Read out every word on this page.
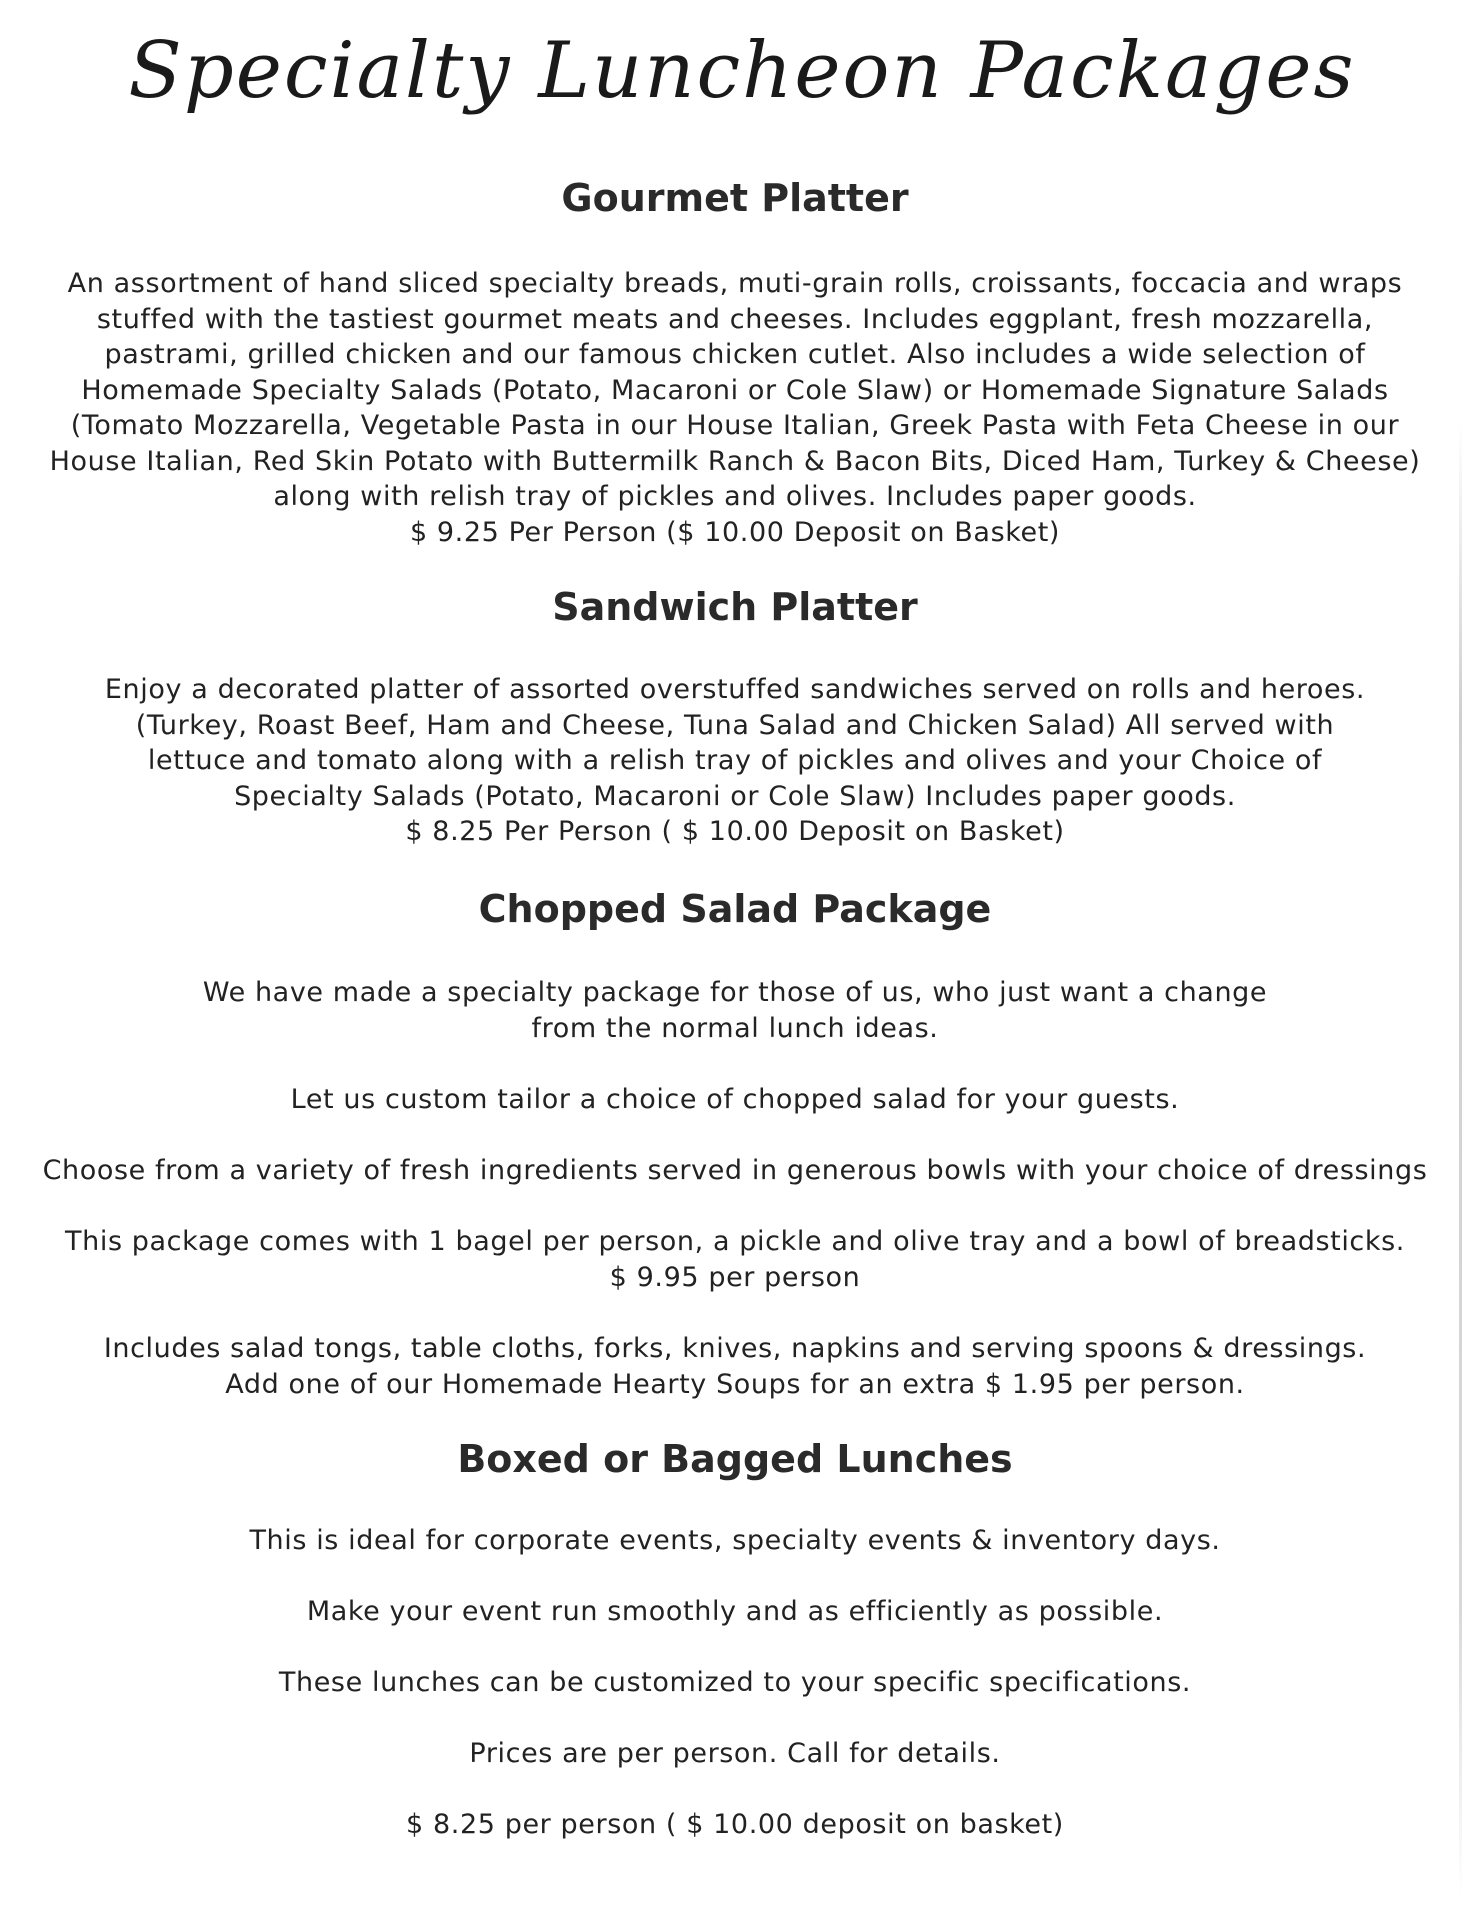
Specialty Luncheon Packages
Gourmet Platter
An assortment of hand sliced specialty breads, muti-grain rolls, croissants, foccacia and wraps
stuffed with the tastiest gourmet meats and cheeses. Includes eggplant, fresh mozzarella,
pastrami, grilled chicken and our famous chicken cutlet. Also includes a wide selection of
Homemade Specialty Salads (Potato, Macaroni or Cole Slaw) or Homemade Signature Salads
(Tomato Mozzarella, Vegetable Pasta in our House Italian, Greek Pasta with Feta Cheese in our
House Italian, Red Skin Potato with Buttermilk Ranch & Bacon Bits, Diced Ham, Turkey & Cheese)
along with relish tray of pickles and olives. Includes paper goods.
$ 9.25 Per Person ($ 10.00 Deposit on Basket)
Sandwich Platter
Enjoy a decorated platter of assorted overstuffed sandwiches served on rolls and heroes.
(Turkey, Roast Beef, Ham and Cheese, Tuna Salad and Chicken Salad) All served with
lettuce and tomato along with a relish tray of pickles and olives and your Choice of
Specialty Salads (Potato, Macaroni or Cole Slaw) Includes paper goods.
$ 8.25 Per Person ( $ 10.00 Deposit on Basket)
Chopped Salad Package
We have made a specialty package for those of us, who just want a change
from the normal lunch ideas.
Let us custom tailor a choice of chopped salad for your guests.
Choose from a variety of fresh ingredients served in generous bowls with your choice of dressings
This package comes with 1 bagel per person, a pickle and olive tray and a bowl of breadsticks.
$ 9.95 per person
Includes salad tongs, table cloths, forks, knives, napkins and serving spoons & dressings.
Add one of our Homemade Hearty Soups for an extra $ 1.95 per person.
Boxed or Bagged Lunches
This is ideal for corporate events, specialty events & inventory days.
Make your event run smoothly and as efficiently as possible.
These lunches can be customized to your specific specifications.
Prices are per person. Call for details.
$ 8.25 per person ( $ 10.00 deposit on basket)
